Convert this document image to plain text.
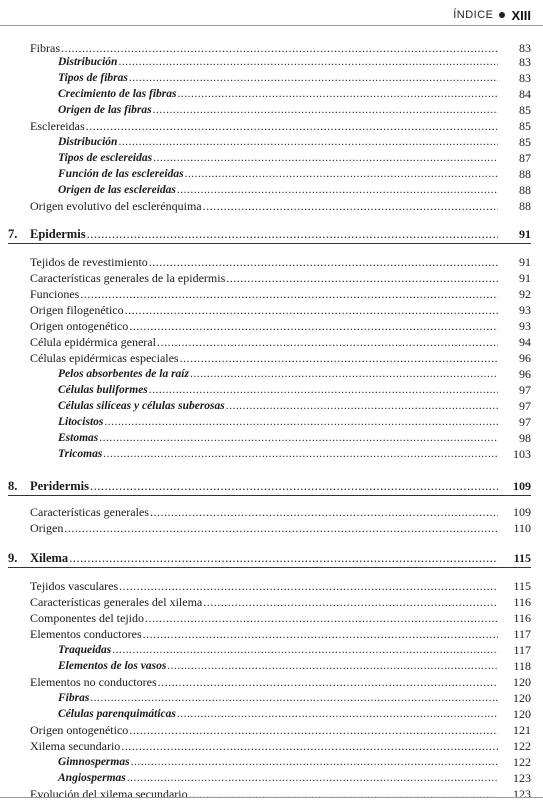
ÍNDICE XIII
Fibras .....	83
Distribución .....	83
Tipos de fibras .....	83
Crecimiento de las fibras .....	84
Origen de las fibras .....	85
Esclereidas .....	85
Distribución .....	85
Tipos de esclereidas .....	87
Función de las esclereidas .....	88
Origen de las esclereidas .....	88
Origen evolutivo del esclerénquima .....	88
7.	Epidermis .....	91
Tejidos de revestimiento .....	91
Características generales de la epidermis .....	91
Funciones .....	92
Origen filogenético .....	93
Origen ontogenético .....	93
Célula epidérmica general .....	94
Células epidérmicas especiales .....	96
Pelos absorbentes de la raíz .....	96
Células buliformes .....	97
Células silíceas y células suberosas .....	97
Litocistos .....	97
Estomas .....	98
Tricomas .....	103
8.	Peridermis .....	109
Características generales .....	109
Origen .....	110
9.	Xilema .....	115
Tejidos vasculares .....	115
Características generales del xilema .....	116
Componentes del tejido .....	116
Elementos conductores .....	117
Traqueidas .....	117
Elementos de los vasos .....	118
Elementos no conductores .....	120
Fibras .....	120
Células parenquimáticas .....	120
Origen ontogenético .....	121
Xilema secundario .....	122
Gimnospermas .....	122
Angiospermas .....	123
Evolución del xilema secundario .....	123
